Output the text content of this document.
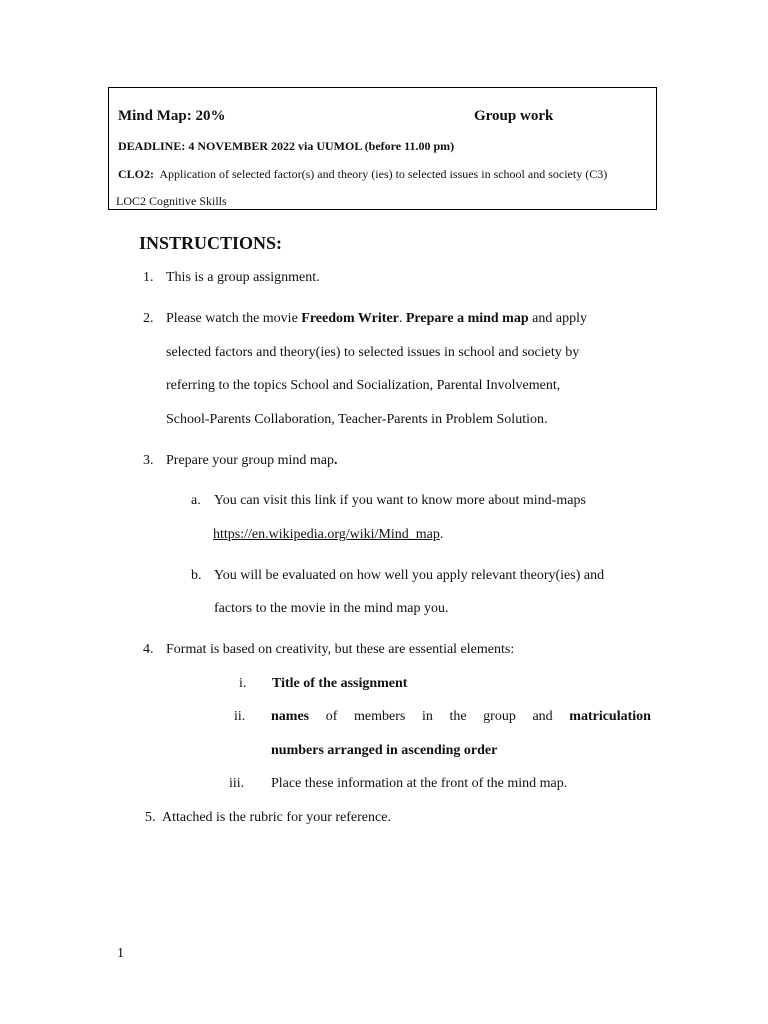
Mind Map: 20%	Group work
DEADLINE: 4 NOVEMBER 2022 via UUMOL (before 11.00 pm)
CLO2: Application of selected factor(s) and theory (ies) to selected issues in school and society (C3)
LOC2 Cognitive Skills
INSTRUCTIONS:
1. This is a group assignment.
2. Please watch the movie Freedom Writer. Prepare a mind map and apply
selected factors and theory(ies) to selected issues in school and society by
referring to the topics School and Socialization, Parental Involvement,
School-Parents Collaboration, Teacher-Parents in Problem Solution.
3. Prepare your group mind map.
a. You can visit this link if you want to know more about mind-maps
https://en.wikipedia.org/wiki/Mind_map.
b. You will be evaluated on how well you apply relevant theory(ies) and
factors to the movie in the mind map you.
4. Format is based on creativity, but these are essential elements:
i. Title of the assignment
ii. names of members in the group and matriculation
numbers arranged in ascending order
iii. Place these information at the front of the mind map.
5. Attached is the rubric for your reference.
1
